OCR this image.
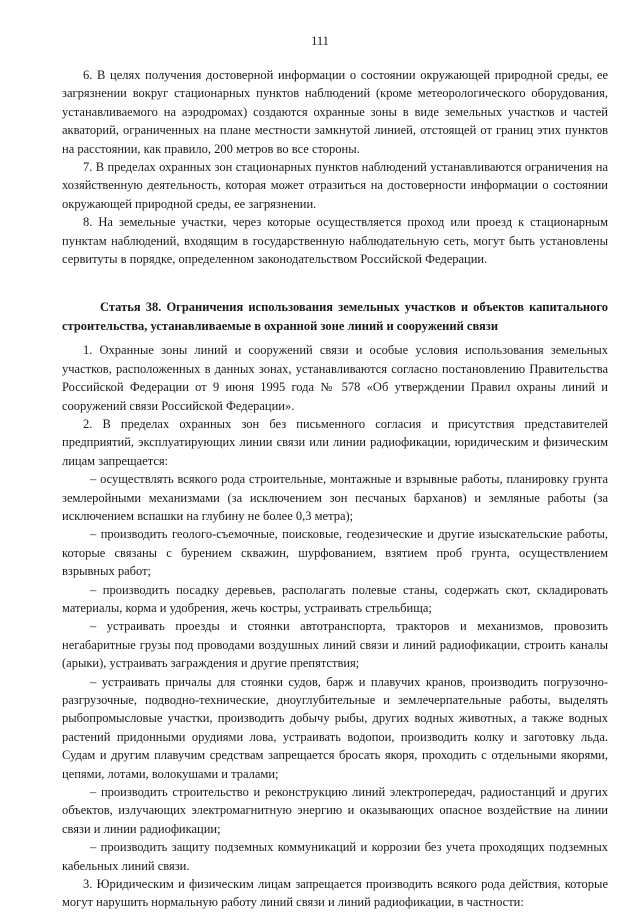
111

6. В целях получения достоверной информации о состоянии окружающей природной среды, ее загрязнении вокруг стационарных пунктов наблюдений (кроме метеорологического оборудования, устанавливаемого на аэродромах) создаются охранные зоны в виде земельных участков и частей акваторий, ограниченных на плане местности замкнутой линией, отстоящей от границ этих пунктов на расстоянии, как правило, 200 метров во все стороны.

7. В пределах охранных зон стационарных пунктов наблюдений устанавливаются ограничения на хозяйственную деятельность, которая может отразиться на достоверности информации о состоянии окружающей природной среды, ее загрязнении.

8. На земельные участки, через которые осуществляется проход или проезд к стационарным пунктам наблюдений, входящим в государственную наблюдательную сеть, могут быть установлены сервитуты в порядке, определенном законодательством Российской Федерации.

Статья 38. Ограничения использования земельных участков и объектов капитального строительства, устанавливаемые в охранной зоне линий и сооружений связи

1. Охранные зоны линий и сооружений связи и особые условия использования земельных участков, расположенных в данных зонах, устанавливаются согласно постановлению Правительства Российской Федерации от 9 июня 1995 года № 578 «Об утверждении Правил охраны линий и сооружений связи Российской Федерации».

2. В пределах охранных зон без письменного согласия и присутствия представителей предприятий, эксплуатирующих линии связи или линии радиофикации, юридическим и физическим лицам запрещается:

– осуществлять всякого рода строительные, монтажные и взрывные работы, планировку грунта землеройными механизмами (за исключением зон песчаных барханов) и земляные работы (за исключением вспашки на глубину не более 0,3 метра);

– производить геолого-съемочные, поисковые, геодезические и другие изыскательские работы, которые связаны с бурением скважин, шурфованием, взятием проб грунта, осуществлением взрывных работ;

– производить посадку деревьев, располагать полевые станы, содержать скот, складировать материалы, корма и удобрения, жечь костры, устраивать стрельбища;

– устраивать проезды и стоянки автотранспорта, тракторов и механизмов, провозить негабаритные грузы под проводами воздушных линий связи и линий радиофикации, строить каналы (арыки), устраивать заграждения и другие препятствия;

– устраивать причалы для стоянки судов, барж и плавучих кранов, производить погрузочно-разгрузочные, подводно-технические, дноуглубительные и землечерпательные работы, выделять рыбопромысловые участки, производить добычу рыбы, других водных животных, а также водных растений придонными орудиями лова, устраивать водопои, производить колку и заготовку льда. Судам и другим плавучим средствам запрещается бросать якоря, проходить с отдельными якорями, цепями, лотами, волокушами и тралами;

– производить строительство и реконструкцию линий электропередач, радиостанций и других объектов, излучающих электромагнитную энергию и оказывающих опасное воздействие на линии связи и линии радиофикации;

– производить защиту подземных коммуникаций и коррозии без учета проходящих подземных кабельных линий связи.

3. Юридическим и физическим лицам запрещается производить всякого рода действия, которые могут нарушить нормальную работу линий связи и линий радиофикации, в частности:
